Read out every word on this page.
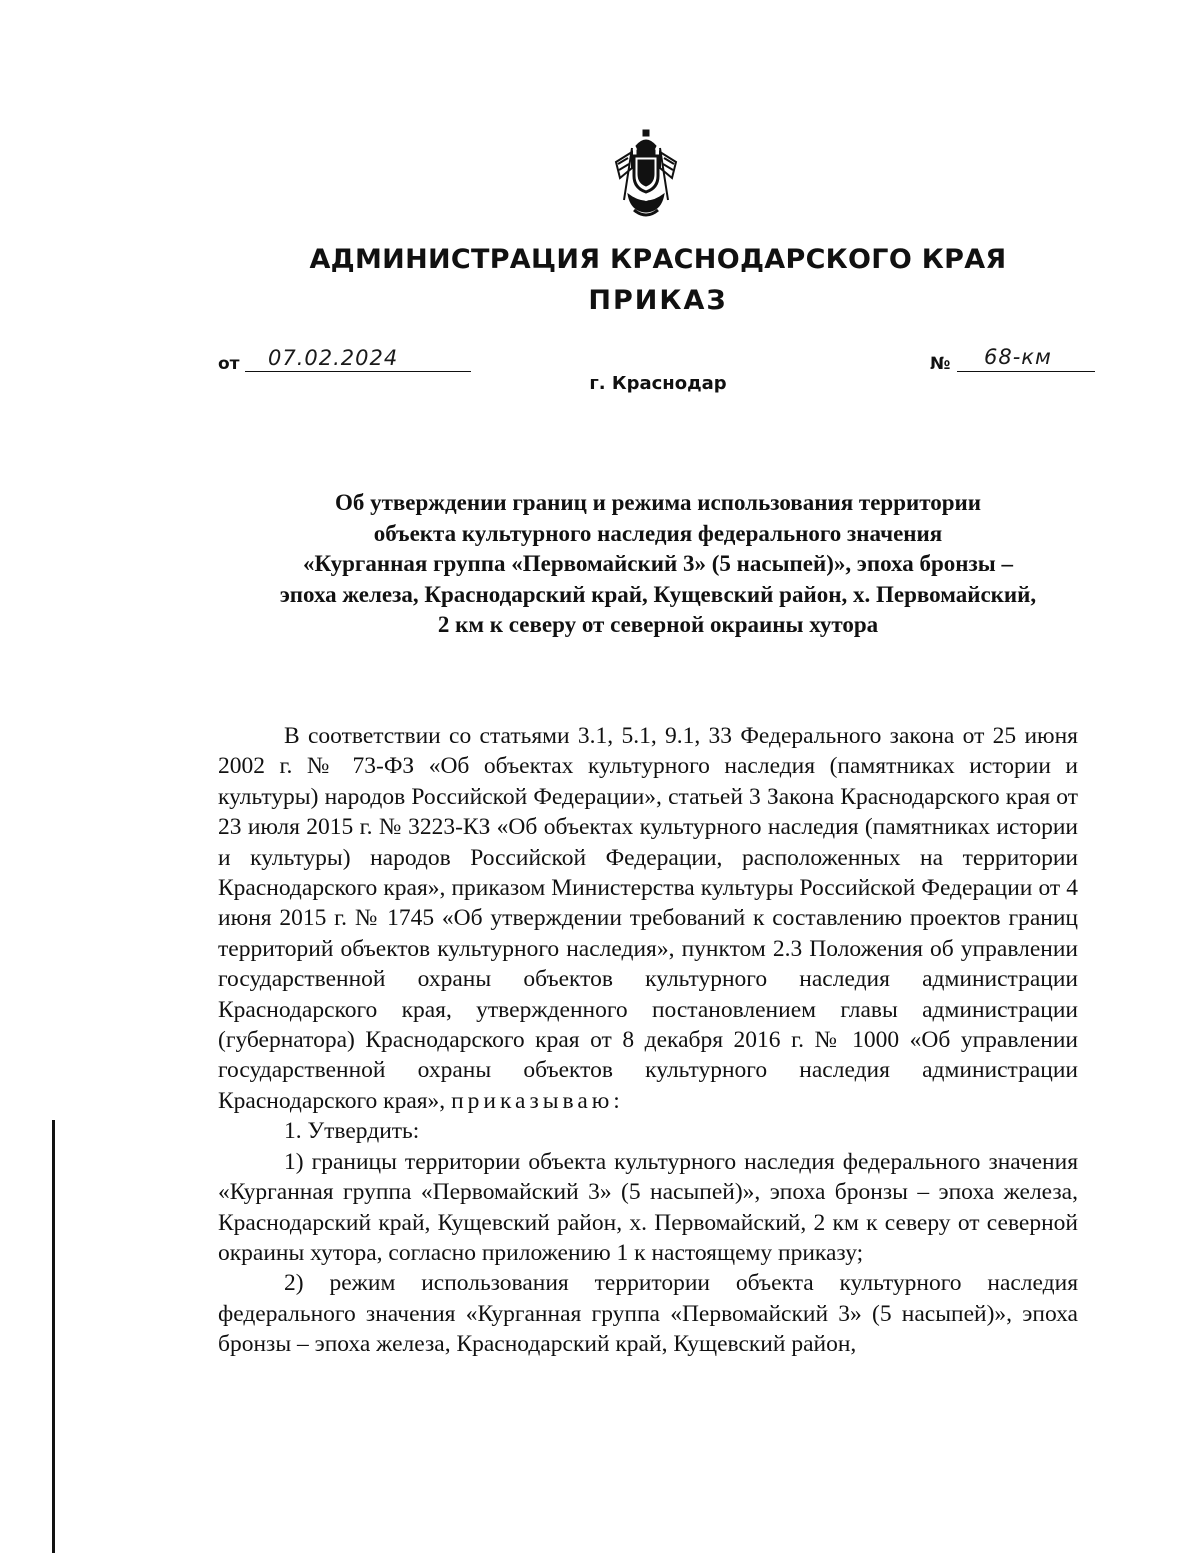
АДМИНИСТРАЦИЯ КРАСНОДАРСКОГО КРАЯ
ПРИКАЗ
от 07.02.2024	№ 68-км
г. Краснодар
Об утверждении границ и режима использования территории
объекта культурного наследия федерального значения
«Курганная группа «Первомайский 3» (5 насыпей)», эпоха бронзы –
эпоха железа, Краснодарский край, Кущевский район, х. Первомайский,
2 км к северу от северной окраины хутора

В соответствии со статьями 3.1, 5.1, 9.1, 33 Федерального закона от 25 июня 2002 г. № 73-ФЗ «Об объектах культурного наследия (памятниках истории и культуры) народов Российской Федерации», статьей 3 Закона Краснодарского края от 23 июля 2015 г. № 3223-КЗ «Об объектах культурного наследия (памятниках истории и культуры) народов Российской Федерации, расположенных на территории Краснодарского края», приказом Министерства культуры Российской Федерации от 4 июня 2015 г. № 1745 «Об утверждении требований к составлению проектов границ территорий объектов культурного наследия», пунктом 2.3 Положения об управлении государственной охраны объектов культурного наследия администрации Краснодарского края, утвержденного постановлением главы администрации (губернатора) Краснодарского края от 8 декабря 2016 г. № 1000 «Об управлении государственной охраны объектов культурного наследия администрации Краснодарского края», приказываю:

1. Утвердить:

1) границы территории объекта культурного наследия федерального значения «Курганная группа «Первомайский 3» (5 насыпей)», эпоха бронзы – эпоха железа, Краснодарский край, Кущевский район, х. Первомайский, 2 км к северу от северной окраины хутора, согласно приложению 1 к настоящему приказу;

2) режим использования территории объекта культурного наследия федерального значения «Курганная группа «Первомайский 3» (5 насыпей)», эпоха бронзы – эпоха железа, Краснодарский край, Кущевский район,
